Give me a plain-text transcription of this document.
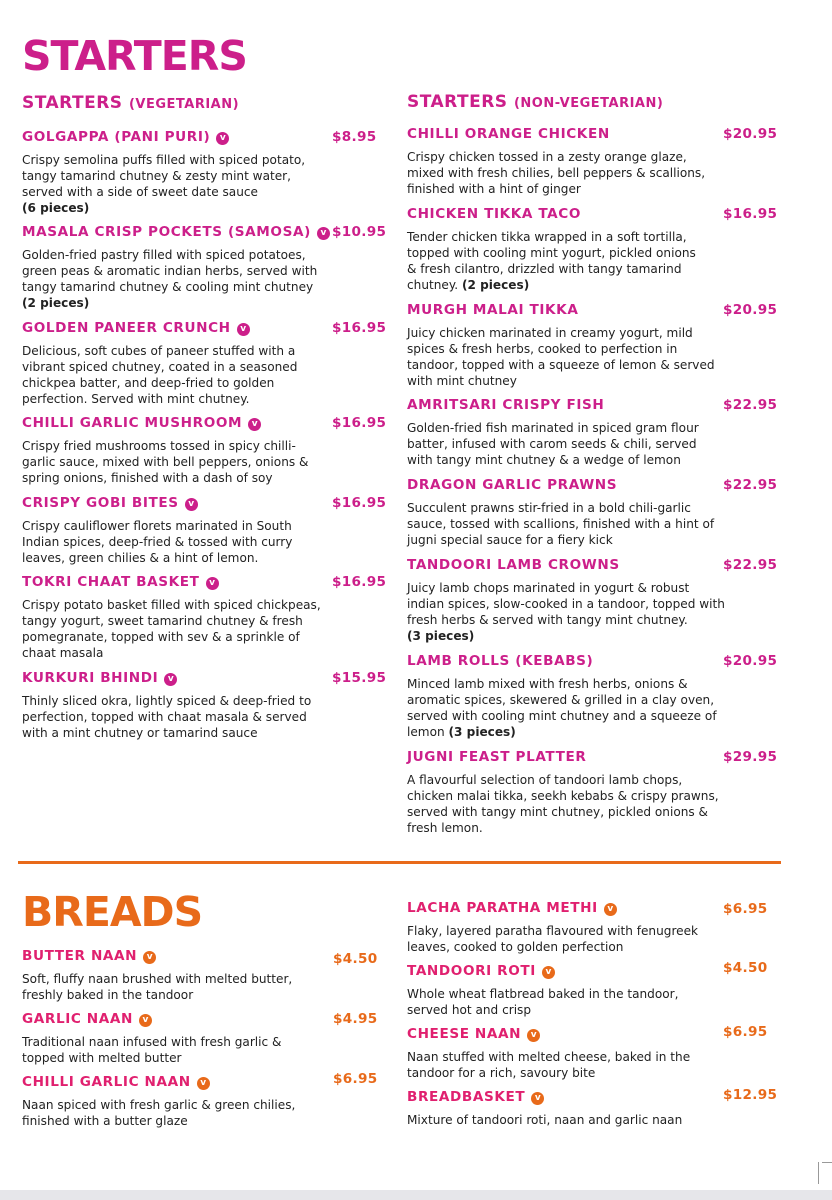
STARTERS
STARTERS (VEGETARIAN)	STARTERS (NON-VEGETARIAN)
GOLGAPPA (PANI PURI) v	$8.95
Crispy semolina puffs filled with spiced potato, tangy tamarind chutney & zesty mint water, served with a side of sweet date sauce
(6 pieces)
MASALA CRISP POCKETS (SAMOSA) v $10.95
Golden-fried pastry filled with spiced potatoes, green peas & aromatic indian herbs, served with tangy tamarind chutney & cooling mint chutney
(2 pieces)
GOLDEN PANEER CRUNCH v	$16.95
Delicious, soft cubes of paneer stuffed with a vibrant spiced chutney, coated in a seasoned chickpea batter, and deep-fried to golden perfection. Served with mint chutney.
CHILLI GARLIC MUSHROOM v	$16.95
Crispy fried mushrooms tossed in spicy chilli-garlic sauce, mixed with bell peppers, onions & spring onions, finished with a dash of soy
CRISPY GOBI BITES v	$16.95
Crispy cauliflower florets marinated in South Indian spices, deep-fried & tossed with curry leaves, green chilies & a hint of lemon.
TOKRI CHAAT BASKET v	$16.95
Crispy potato basket filled with spiced chickpeas, tangy yogurt, sweet tamarind chutney & fresh pomegranate, topped with sev & a sprinkle of chaat masala
KURKURI BHINDI v	$15.95
Thinly sliced okra, lightly spiced & deep-fried to perfection, topped with chaat masala & served with a mint chutney or tamarind sauce
CHILLI ORANGE CHICKEN	$20.95
Crispy chicken tossed in a zesty orange glaze, mixed with fresh chilies, bell peppers & scallions, finished with a hint of ginger
CHICKEN TIKKA TACO	$16.95
Tender chicken tikka wrapped in a soft tortilla, topped with cooling mint yogurt, pickled onions & fresh cilantro, drizzled with tangy tamarind chutney. (2 pieces)
MURGH MALAI TIKKA	$20.95
Juicy chicken marinated in creamy yogurt, mild spices & fresh herbs, cooked to perfection in tandoor, topped with a squeeze of lemon & served with mint chutney
AMRITSARI CRISPY FISH	$22.95
Golden-fried fish marinated in spiced gram flour batter, infused with carom seeds & chili, served with tangy mint chutney & a wedge of lemon
DRAGON GARLIC PRAWNS	$22.95
Succulent prawns stir-fried in a bold chili-garlic sauce, tossed with scallions, finished with a hint of jugni special sauce for a fiery kick
TANDOORI LAMB CROWNS	$22.95
Juicy lamb chops marinated in yogurt & robust indian spices, slow-cooked in a tandoor, topped with fresh herbs & served with tangy mint chutney.
(3 pieces)
LAMB ROLLS (KEBABS)	$20.95
Minced lamb mixed with fresh herbs, onions & aromatic spices, skewered & grilled in a clay oven, served with cooling mint chutney and a squeeze of lemon (3 pieces)
JUGNI FEAST PLATTER	$29.95
A flavourful selection of tandoori lamb chops, chicken malai tikka, seekh kebabs & crispy prawns, served with tangy mint chutney, pickled onions & fresh lemon.
BREADS
BUTTER NAAN v	$4.50
Soft, fluffy naan brushed with melted butter, freshly baked in the tandoor
GARLIC NAAN v	$4.95
Traditional naan infused with fresh garlic & topped with melted butter
CHILLI GARLIC NAAN v	$6.95
Naan spiced with fresh garlic & green chilies, finished with a butter glaze
LACHA PARATHA METHI v	$6.95
Flaky, layered paratha flavoured with fenugreek leaves, cooked to golden perfection
TANDOORI ROTI v	$4.50
Whole wheat flatbread baked in the tandoor, served hot and crisp
CHEESE NAAN v	$6.95
Naan stuffed with melted cheese, baked in the tandoor for a rich, savoury bite
BREADBASKET v	$12.95
Mixture of tandoori roti, naan and garlic naan
